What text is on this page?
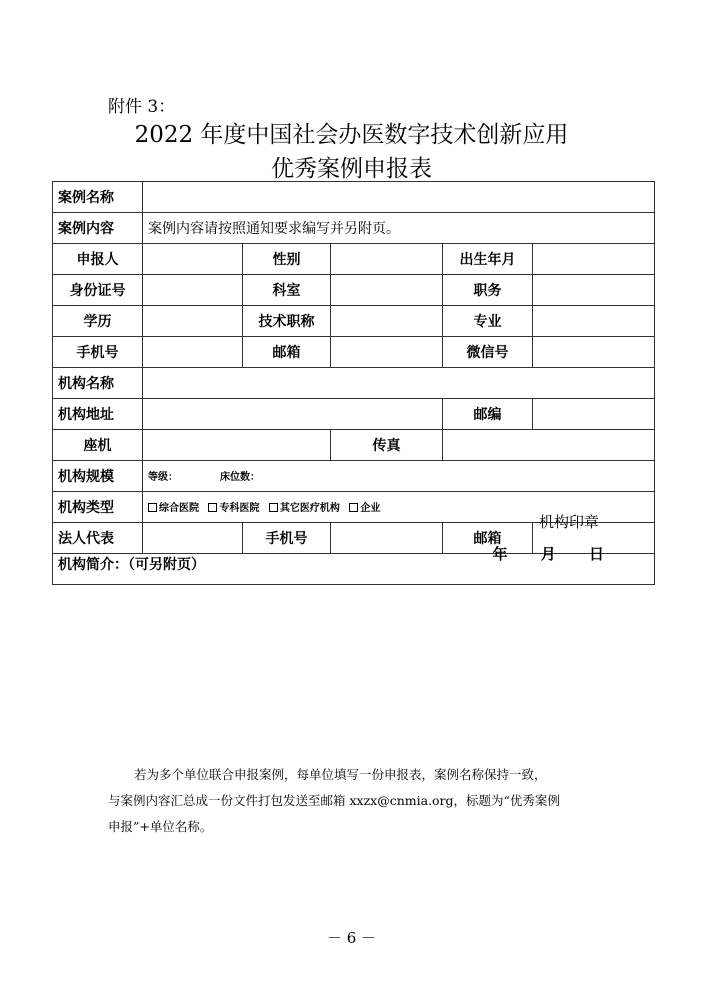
附件 3：
2022 年度中国社会办医数字技术创新应用
优秀案例申报表
案例名称					
案例内容	案例内容请按照通知要求编写并另附页。				
申报人		性别		出生年月	
身份证号		科室		职务	
学历		技术职称		专业	
手机号		邮箱		微信号	
机构名称					
机构地址				邮编	
座机			传真		
机构规模	等级： 床位数：				
机构类型	综合医院 专科医院 其它医疗机构 企业				
法人代表		手机号		邮箱	
机构简介：（可另附页）
机构印章
年 月 日					

若为多个单位联合申报案例，每单位填写一份申报表，案例名称保持一致，

与案例内容汇总成一份文件打包发送至邮箱 xxzx@cnmia.org，标题为“优秀案例

申报”+单位名称。

－ 6 －
